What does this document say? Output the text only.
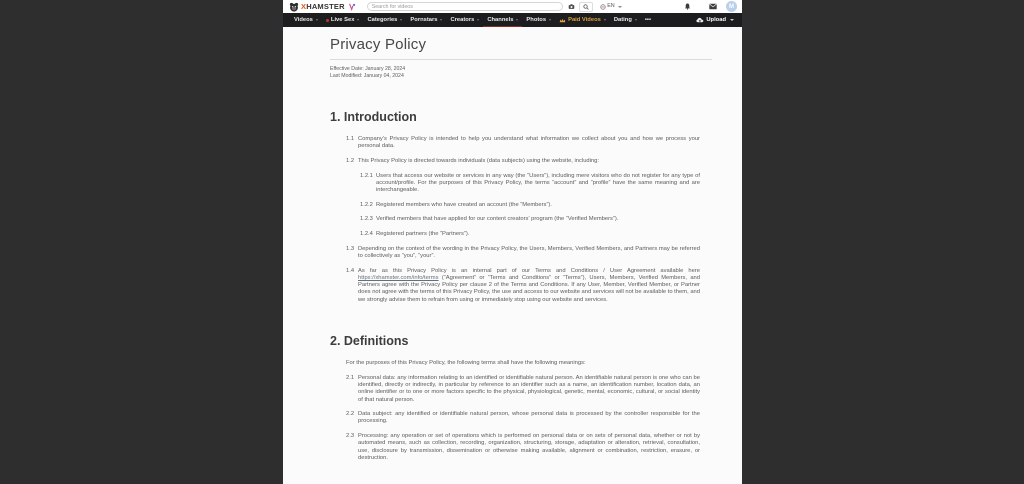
XHAMSTER
Search for videos	EN	M
Videos	Live Sex Categories Pornstars Creators Channels Photos	Paid Videos Dating •••	Upload
Privacy Policy

Effective Date: January 28, 2024

Last Modified: January 04, 2024

1. Introduction
1.1 Company’s Privacy Policy is intended to help you understand what information we collect about you and how we process your personal data.

1.2 This Privacy Policy is directed towards individuals (data subjects) using the website, including:

1.2.1 Users that access our website or services in any way (the “Users”), including mere visitors who do not register for any type of account/profile. For the purposes of this Privacy Policy, the terms “account” and “profile” have the same meaning and are interchangeable.

1.2.2 Registered members who have created an account (the “Members”).

1.2.3 Verified members that have applied for our content creators’ program (the “Verified Members”).

1.2.4 Registered partners (the “Partners”).

1.3 Depending on the context of the wording in the Privacy Policy, the Users, Members, Verified Members, and Partners may be referred to collectively as “you”, “your”.

1.4 As far as this Privacy Policy is an internal part of our Terms and Conditions / User Agreement available here https://xhamster.com/info/terms (“Agreement” or “Terms and Conditions” or “Terms”), Users, Members, Verified Members, and Partners agree with the Privacy Policy per clause 2 of the Terms and Conditions. If any User, Member, Verified Member, or Partner does not agree with the terms of this Privacy Policy, the use and access to our website and services will not be available to them, and we strongly advise them to refrain from using or immediately stop using our website and services.

2. Definitions

For the purposes of this Privacy Policy, the following terms shall have the following meanings:

2.1 Personal data: any information relating to an identified or identifiable natural person. An identifiable natural person is one who can be identified, directly or indirectly, in particular by reference to an identifier such as a name, an identification number, location data, an online identifier or to one or more factors specific to the physical, physiological, genetic, mental, economic, cultural, or social identity of that natural person.

2.2 Data subject: any identified or identifiable natural person, whose personal data is processed by the controller responsible for the processing.

2.3 Processing: any operation or set of operations which is performed on personal data or on sets of personal data, whether or not by automated means, such as collection, recording, organization, structuring, storage, adaptation or alteration, retrieval, consultation, use, disclosure by transmission, dissemination or otherwise making available, alignment or combination, restriction, erasure, or destruction.
